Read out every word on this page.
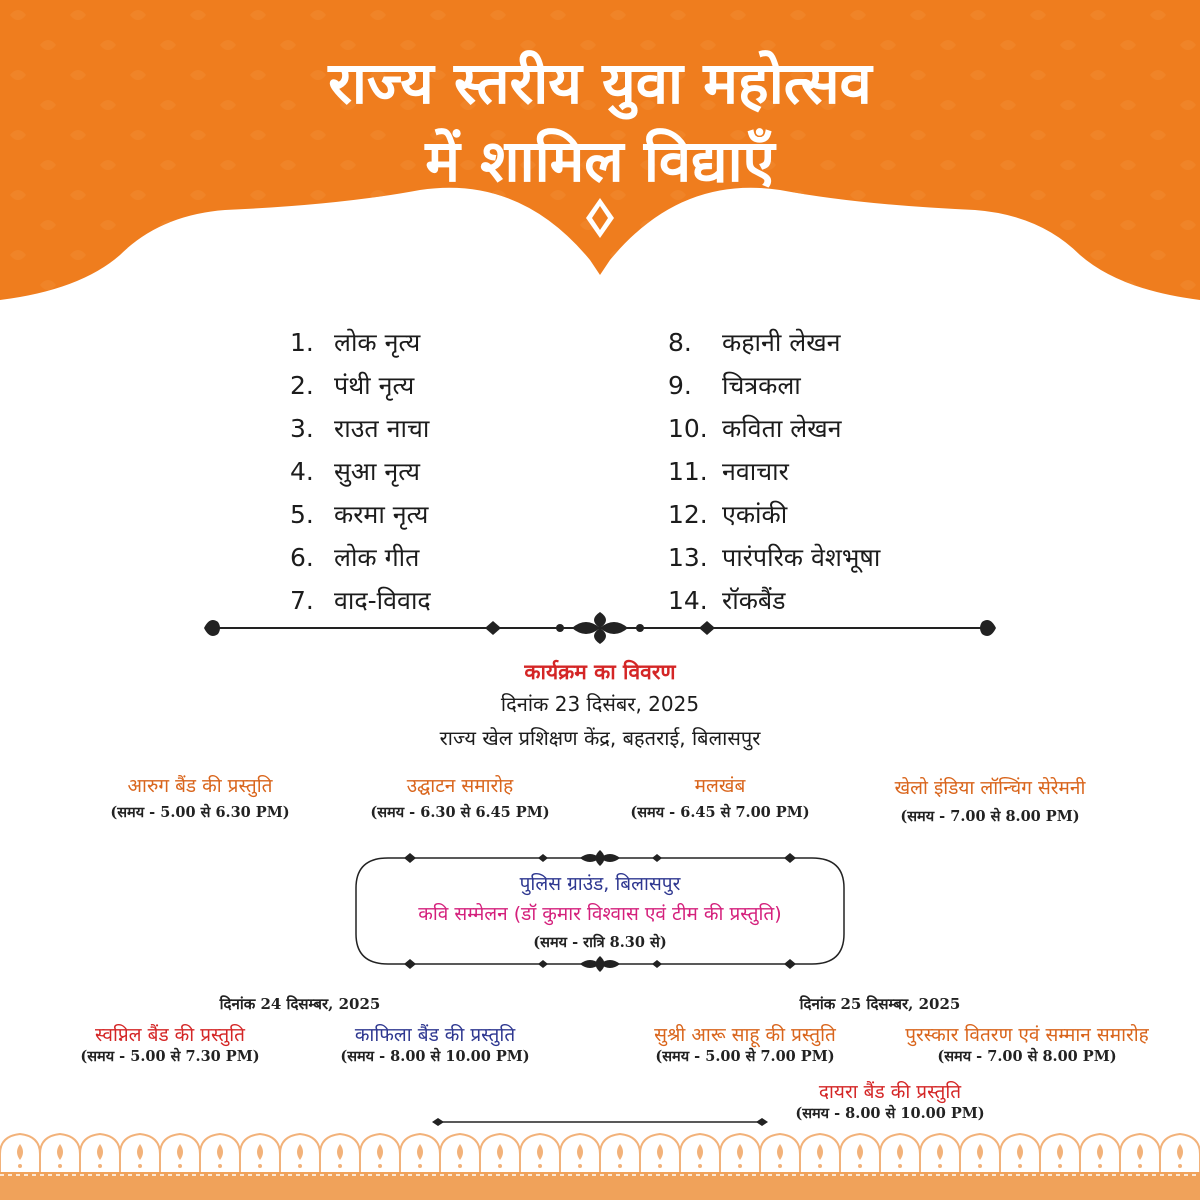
राज्य स्तरीय युवा महोत्सव
में शामिल विद्याएँ
1. लोक नृत्य
2. पंथी नृत्य
3. राउत नाचा
4. सुआ नृत्य
5. करमा नृत्य
6. लोक गीत
7. वाद-विवाद
8. कहानी लेखन
9. चित्रकला
10. कविता लेखन
11. नवाचार
12. एकांकी
13. पारंपरिक वेशभूषा
14. रॉकबैंड
कार्यक्रम का विवरण
दिनांक 23 दिसंबर, 2025
राज्य खेल प्रशिक्षण केंद्र, बहतराई, बिलासपुर
आरुग बैंड की प्रस्तुति
(समय - 5.00 से 6.30 PM)
उद्घाटन समारोह
(समय - 6.30 से 6.45 PM)
मलखंब
(समय - 6.45 से 7.00 PM)
खेलो इंडिया लॉन्चिंग सेरेमनी
(समय - 7.00 से 8.00 PM)
पुलिस ग्राउंड, बिलासपुर
कवि सम्मेलन (डॉ कुमार विश्वास एवं टीम की प्रस्तुति)
(समय - रात्रि 8.30 से)
दिनांक 24 दिसम्बर, 2025
स्वप्निल बैंड की प्रस्तुति
(समय - 5.00 से 7.30 PM)
काफिला बैंड की प्रस्तुति
(समय - 8.00 से 10.00 PM)
दिनांक 25 दिसम्बर, 2025
सुश्री आरू साहू की प्रस्तुति
(समय - 5.00 से 7.00 PM)
पुरस्कार वितरण एवं सम्मान समारोह
(समय - 7.00 से 8.00 PM)
दायरा बैंड की प्रस्तुति
(समय - 8.00 से 10.00 PM)
